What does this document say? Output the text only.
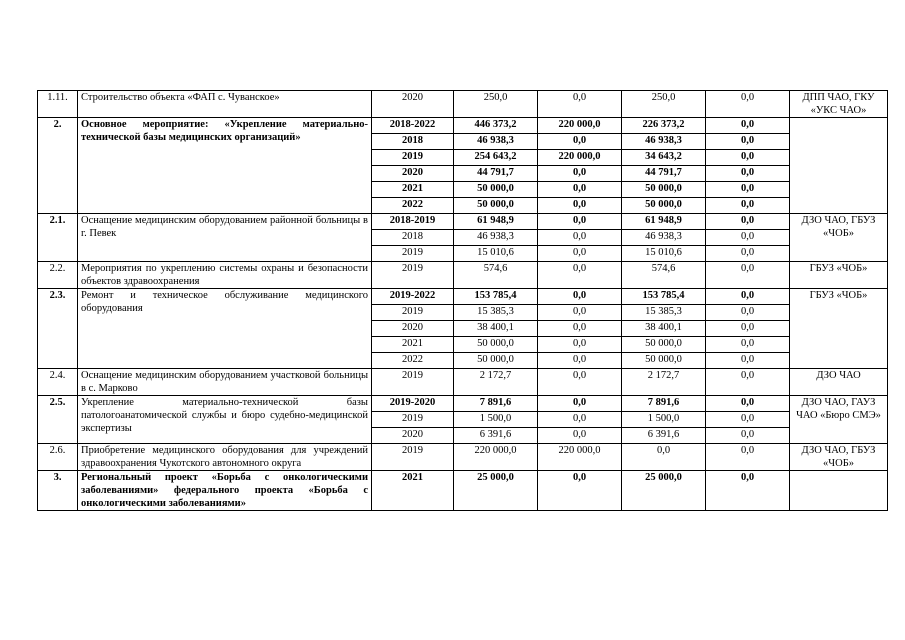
1.11.	Строительство объекта «ФАП с. Чуванское»	2020	250,0	0,0	250,0	0,0	ДПП ЧАО, ГКУ «УКС ЧАО»
2.	Основное мероприятие: «Укрепление материально-технической базы медицинских организаций»	2018-2022	446 373,2	220 000,0	226 373,2	0,0	
		2018	46 938,3	0,0	46 938,3	0,0	
		2019	254 643,2	220 000,0	34 643,2	0,0	
		2020	44 791,7	0,0	44 791,7	0,0	
		2021	50 000,0	0,0	50 000,0	0,0	
		2022	50 000,0	0,0	50 000,0	0,0	
2.1.	Оснащение медицинским оборудованием районной больницы в г. Певек	2018-2019	61 948,9	0,0	61 948,9	0,0	ДЗО ЧАО, ГБУЗ «ЧОБ»
		2018	46 938,3	0,0	46 938,3	0,0	
		2019	15 010,6	0,0	15 010,6	0,0	
2.2.	Мероприятия по укреплению системы охраны и безопасности объектов здравоохранения	2019	574,6	0,0	574,6	0,0	ГБУЗ «ЧОБ»
2.3.	Ремонт и техническое обслуживание медицинского оборудования	2019-2022	153 785,4	0,0	153 785,4	0,0	ГБУЗ «ЧОБ»
		2019	15 385,3	0,0	15 385,3	0,0	
		2020	38 400,1	0,0	38 400,1	0,0	
		2021	50 000,0	0,0	50 000,0	0,0	
		2022	50 000,0	0,0	50 000,0	0,0	
2.4.	Оснащение медицинским оборудованием участковой больницы в с. Марково	2019	2 172,7	0,0	2 172,7	0,0	ДЗО ЧАО
2.5.	Укрепление материально-технической базы патологоанатомической службы и бюро судебно-медицинской экспертизы	2019-2020	7 891,6	0,0	7 891,6	0,0	ДЗО ЧАО, ГАУЗ ЧАО «Бюро СМЭ»
		2019	1 500,0	0,0	1 500,0	0,0	
		2020	6 391,6	0,0	6 391,6	0,0	
2.6.	Приобретение медицинского оборудования для учреждений здравоохранения Чукотского автономного округа	2019	220 000,0	220 000,0	0,0	0,0	ДЗО ЧАО, ГБУЗ «ЧОБ»
3.	Региональный проект «Борьба с онкологическими заболеваниями» федерального проекта «Борьба с онкологическими заболеваниями»	2021	25 000,0	0,0	25 000,0	0,0	
